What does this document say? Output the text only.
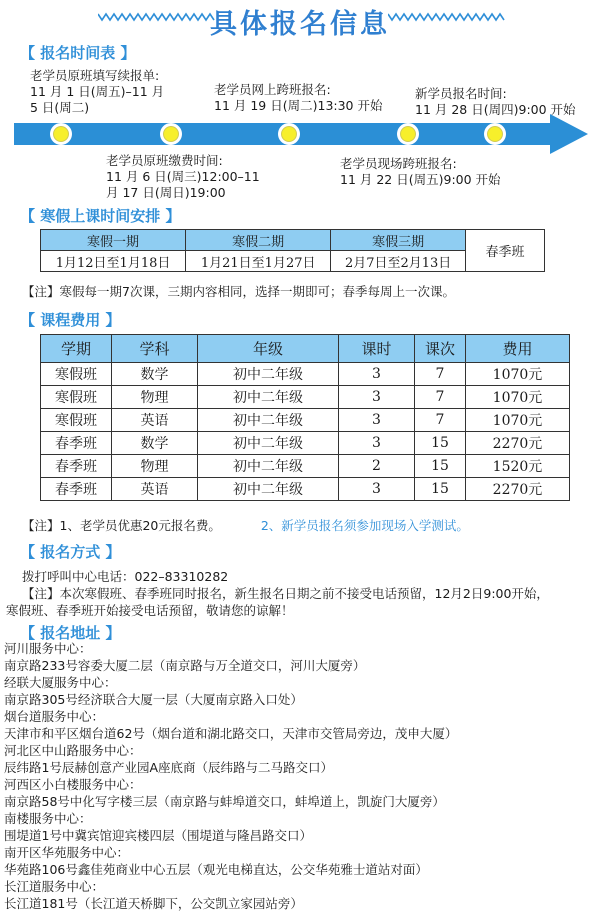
具体报名信息
【 报名时间表 】
老学员原班填写续报单:
11 月 1 日(周五)–11 月
5 日(周二)
老学员网上跨班报名:
11 月 19 日(周二)13:30 开始
新学员报名时间:
11 月 28 日(周四)9:00 开始
老学员原班缴费时间:
11 月 6 日(周三)12:00–11
月 17 日(周日)19:00
老学员现场跨班报名:
11 月 22 日(周五)9:00 开始
【 寒假上课时间安排 】
寒假一期	寒假二期	寒假三期	春季班
1月12日至1月18日	1月21日至1月27日	2月7日至2月13日	
【注】寒假每一期7次课，三期内容相同，选择一期即可；春季每周上一次课。
【 课程费用 】
学期	学科	年级	课时	课次	费用
寒假班	数学	初中二年级	3	7	1070元
寒假班	物理	初中二年级	3	7	1070元
寒假班	英语	初中二年级	3	7	1070元
春季班	数学	初中二年级	3	15	2270元
春季班	物理	初中二年级	2	15	1520元
春季班	英语	初中二年级	3	15	2270元
【注】1、老学员优惠20元报名费。	2、新学员报名须参加现场入学测试。
【 报名方式 】
拨打呼叫中心电话：022–83310282
【注】本次寒假班、春季班同时报名，新生报名日期之前不接受电话预留，12月2日9:00开始，
寒假班、春季班开始接受电话预留，敬请您的谅解！
【 报名地址 】
河川服务中心：
南京路233号容委大厦二层（南京路与万全道交口，河川大厦旁）
经联大厦服务中心：
南京路305号经济联合大厦一层（大厦南京路入口处）
烟台道服务中心：
天津市和平区烟台道62号（烟台道和湖北路交口，天津市交管局旁边，茂申大厦）
河北区中山路服务中心：
辰纬路1号辰赫创意产业园A座底商（辰纬路与二马路交口）
河西区小白楼服务中心：
南京路58号中化写字楼三层（南京路与蚌埠道交口，蚌埠道上，凯旋门大厦旁）
南楼服务中心：
围堤道1号中冀宾馆迎宾楼四层（围堤道与隆昌路交口）
南开区华苑服务中心：
华苑路106号鑫佳苑商业中心五层（观光电梯直达，公交华苑雅士道站对面）
长江道服务中心：
长江道181号（长江道天桥脚下，公交凯立家园站旁）
